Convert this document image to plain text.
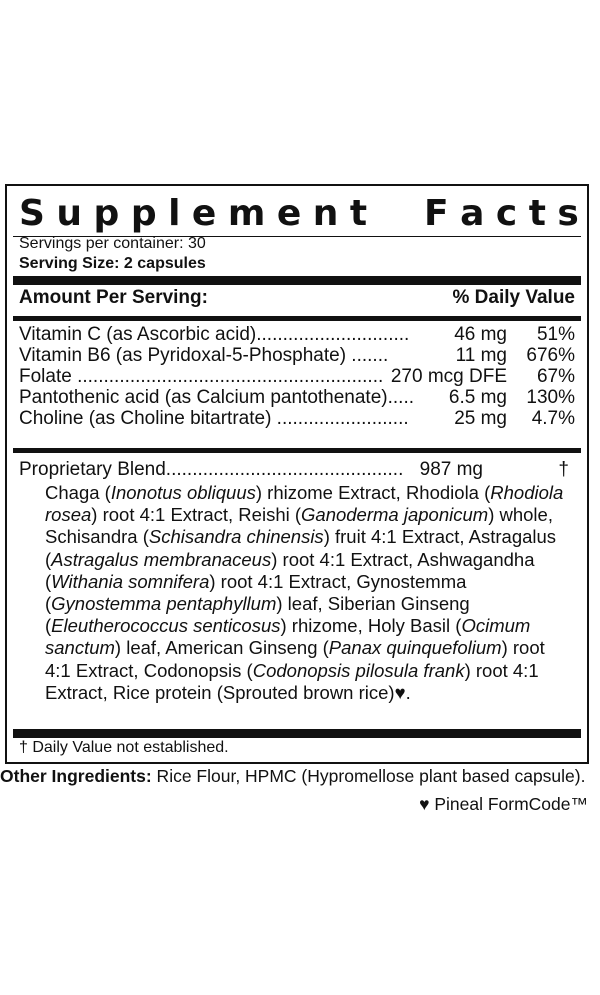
S u p p l e m e n t F a c t s
Servings per container: 30
Serving Size: 2 capsules
Amount Per Serving:	% Daily Value
Vitamin C (as Ascorbic acid)............................. 46 mg 51%
Vitamin B6 (as Pyridoxal-5-Phosphate) .......	11 mg 676%
Folate .......................................................... 270 mcg DFE 67%
Pantothenic acid (as Calcium pantothenate)..... 6.5 mg 130%
Choline (as Choline bitartrate) ......................... 25 mg 4.7%
Proprietary Blend............................................. 987 mg	†
Chaga (Inonotus obliquus) rhizome Extract, Rhodiola (Rhodiola rosea) root 4:1 Extract, Reishi (Ganoderma japonicum) whole, Schisandra (Schisandra chinensis) fruit 4:1 Extract, Astragalus (Astragalus membranaceus) root 4:1 Extract, Ashwagandha (Withania somnifera) root 4:1 Extract, Gynostemma (Gynostemma pentaphyllum) leaf, Siberian Ginseng (Eleutherococcus senticosus) rhizome, Holy Basil (Ocimum sanctum) leaf, American Ginseng (Panax quinquefolium) root 4:1 Extract, Codonopsis (Codonopsis pilosula frank) root 4:1 Extract, Rice protein (Sprouted brown rice)♥.
† Daily Value not established.
Other Ingredients: Rice Flour, HPMC (Hypromellose plant based capsule).
♥ Pineal FormCode™
